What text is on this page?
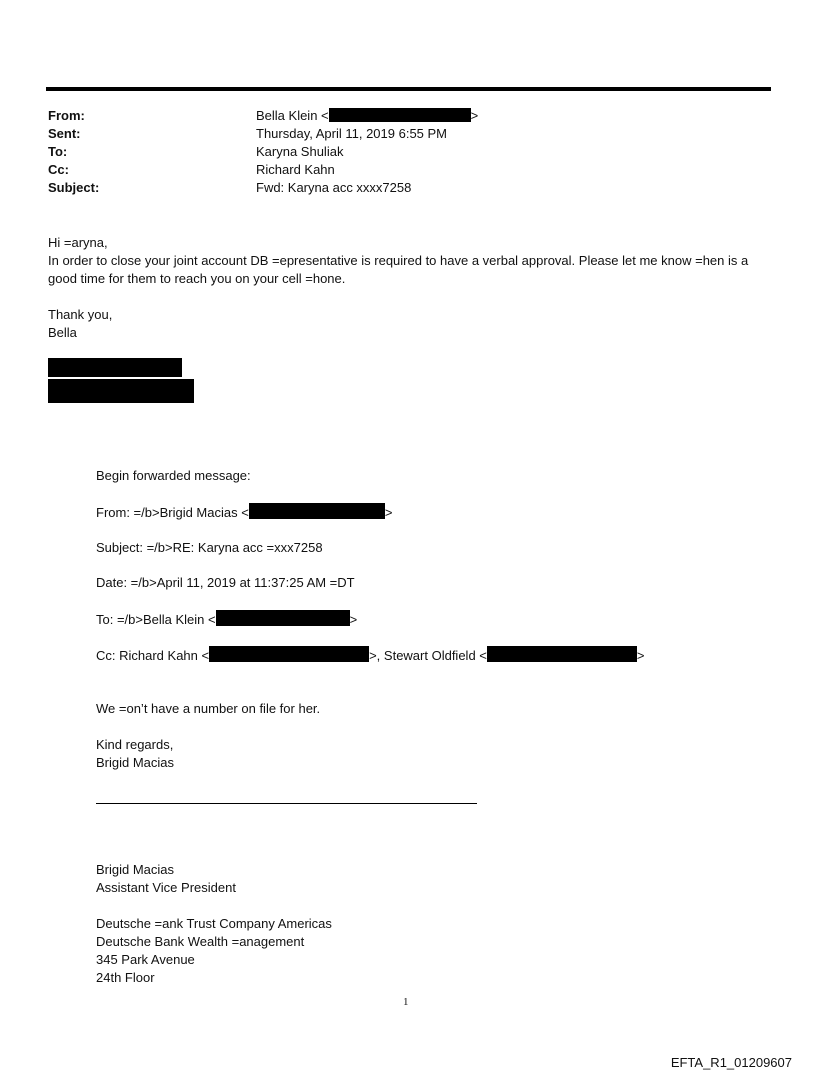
From:	Bella Klein <	>
Sent:	Thursday, April 11, 2019 6:55 PM
To:	Karyna Shuliak
Cc:	Richard Kahn
Subject:	Fwd: Karyna acc xxxx7258
Hi =aryna,
In order to close your joint account DB =epresentative is required to have a verbal approval. Please let me know =hen is a good time for them to reach you on your cell =hone.
Thank you,
Bella
Begin forwarded message:
From: =/b>Brigid Macias <	>
Subject: =/b>RE: Karyna acc =xxx7258
Date: =/b>April 11, 2019 at 11:37:25 AM =DT
To: =/b>Bella Klein <	>
Cc: Richard Kahn <	>, Stewart Oldfield <	>
We =on’t have a number on file for her.
Kind regards,
Brigid Macias
Brigid Macias
Assistant Vice President
Deutsche =ank Trust Company Americas
Deutsche Bank Wealth =anagement
345 Park Avenue
24th Floor
1
EFTA_R1_01209607
